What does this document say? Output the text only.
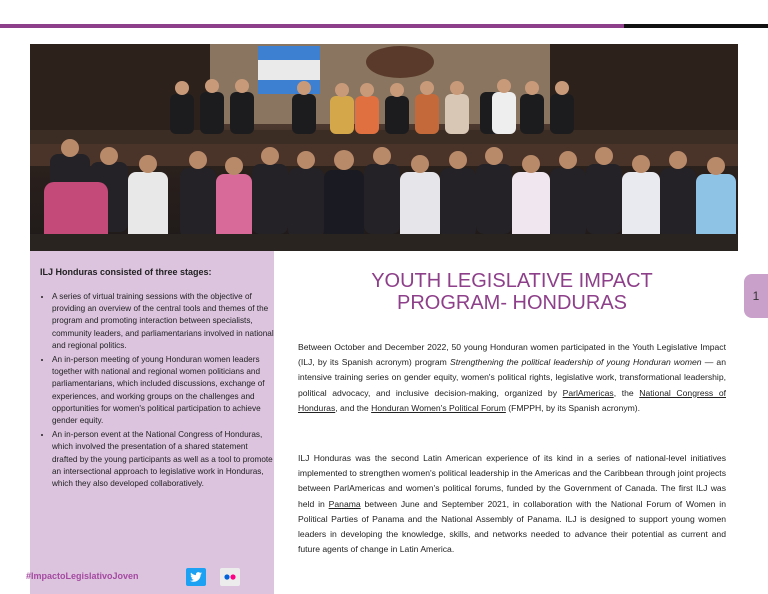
ILJ Honduras consisted of three stages:
• A series of virtual training sessions with the objective of providing an overview of the central tools and themes of the program and promoting interaction between specialists, community leaders, and parliamentarians involved in national and regional politics.
• An in-person meeting of young Honduran women leaders together with national and regional women politicians and parliamentarians, which included discussions, exchange of experiences, and working groups on the challenges and opportunities for women's political participation to achieve gender equity.
• An in-person event at the National Congress of Honduras, which involved the presentation of a shared statement drafted by the young participants as well as a tool to promote an intersectional approach to legislative work in Honduras, which they also developed collaboratively.
#ImpactoLegislativoJoven
YOUTH LEGISLATIVE IMPACT
PROGRAM- HONDURAS

Between October and December 2022, 50 young Honduran women participated in the Youth Legislative Impact (ILJ, by its Spanish acronym) program Strengthening the political leadership of young Honduran women — an intensive training series on gender equity, women's political rights, legislative work, transformational leadership, political advocacy, and inclusive decision-making, organized by ParlAmericas, the National Congress of Honduras, and the Honduran Women's Political Forum (FMPPH, by its Spanish acronym).

ILJ Honduras was the second Latin American experience of its kind in a series of national-level initiatives implemented to strengthen women's political leadership in the Americas and the Caribbean through joint projects between ParlAmericas and women's political forums, funded by the Government of Canada. The first ILJ was held in Panama between June and September 2021, in collaboration with the National Forum of Women in Political Parties of Panama and the National Assembly of Panama. ILJ is designed to support young women leaders in developing the knowledge, skills, and networks needed to advance their potential as current and future agents of change in Latin America.

1
